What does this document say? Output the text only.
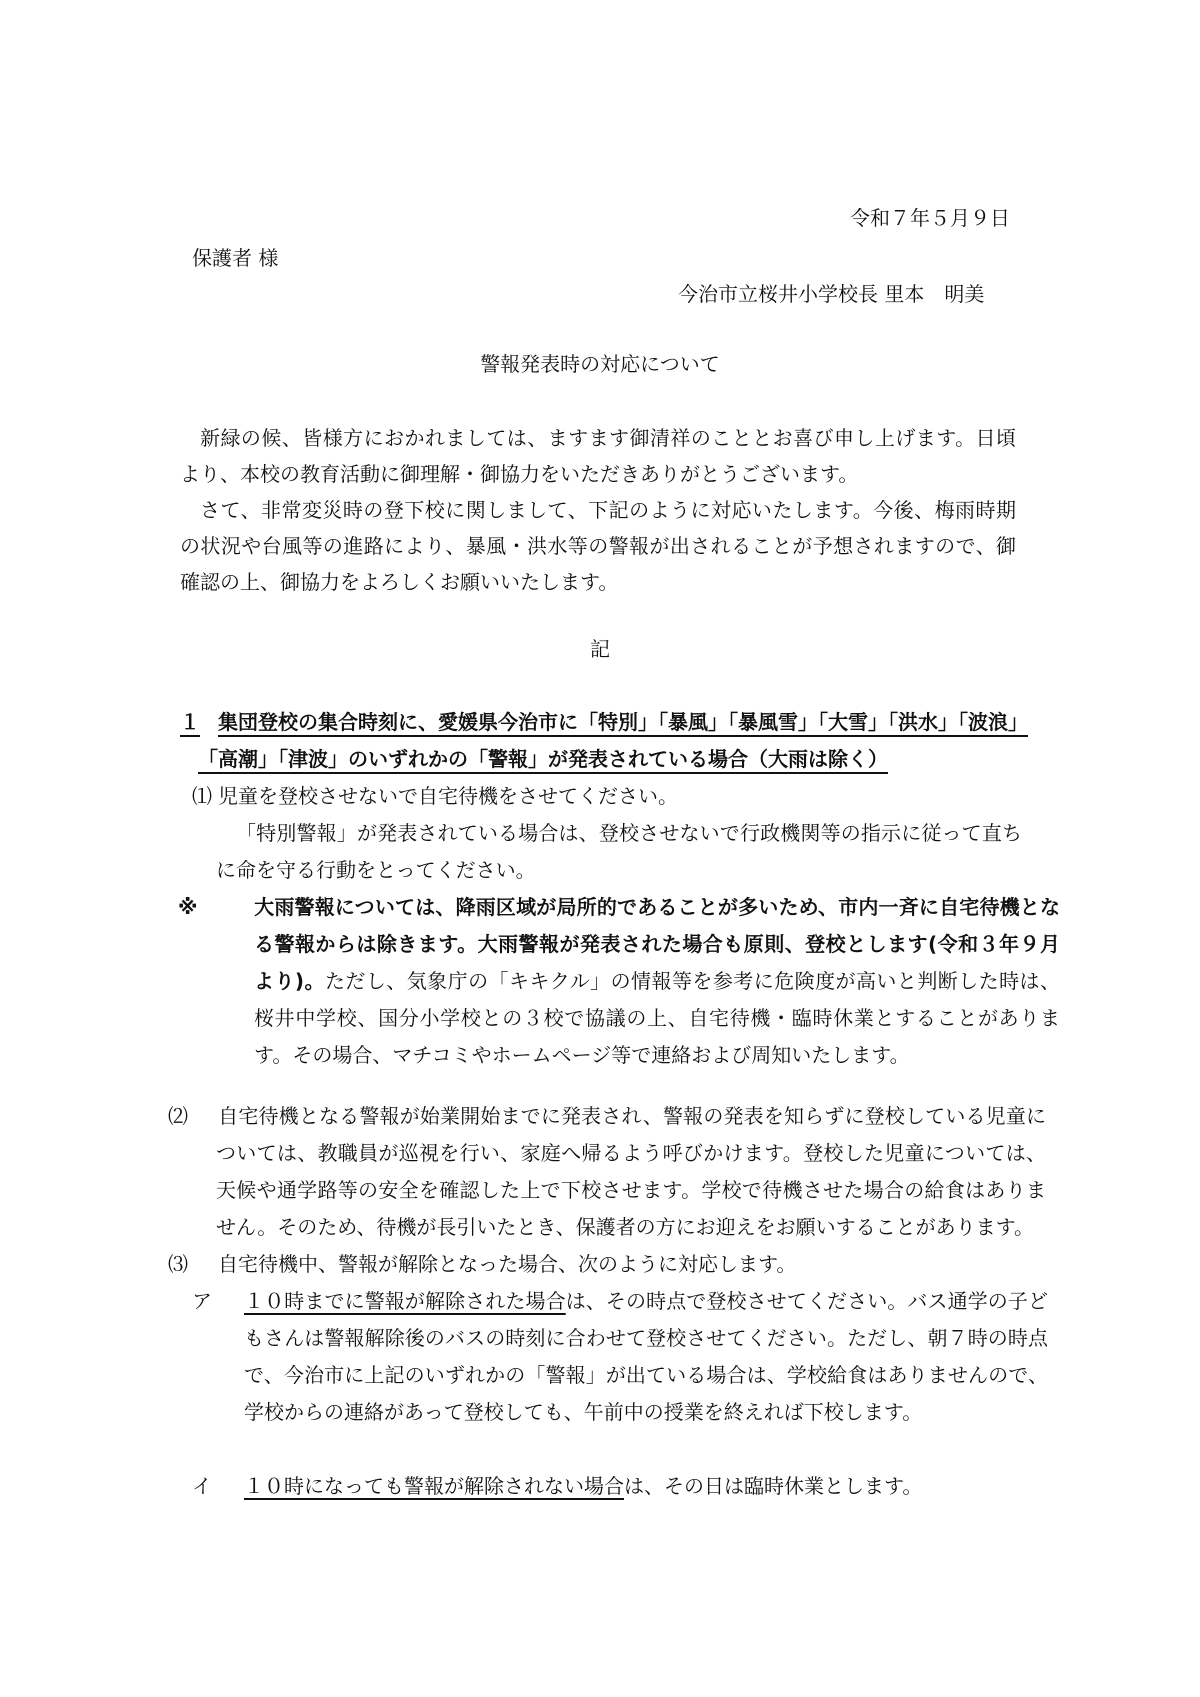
令和７年５月９日
保護者 様
今治市立桜井小学校長 里本　明美
警報発表時の対応について
新緑の候、皆様方におかれましては、ますます御清祥のこととお喜び申し上げます。日頃より、本校の教育活動に御理解・御協力をいただきありがとうございます。
さて、非常変災時の登下校に関しまして、下記のように対応いたします。今後、梅雨時期の状況や台風等の進路により、暴風・洪水等の警報が出されることが予想されますので、御確認の上、御協力をよろしくお願いいたします。
記
１ 集団登校の集合時刻に、愛媛県今治市に「特別」「暴風」「暴風雪」「大雪」「洪水」「波浪」「高潮」「津波」のいずれかの「警報」が発表されている場合（大雨は除く）
⑴ 児童を登校させないで自宅待機をさせてください。
「特別警報」が発表されている場合は、登校させないで行政機関等の指示に従って直ちに命を守る行動をとってください。
※	大雨警報については、降雨区域が局所的であることが多いため、市内一斉に自宅待機となる警報からは除きます。大雨警報が発表された場合も原則、登校とします(令和３年９月より)。ただし、気象庁の「キキクル」の情報等を参考に危険度が高いと判断した時は、桜井中学校、国分小学校との３校で協議の上、自宅待機・臨時休業とすることがあります。その場合、マチコミやホームページ等で連絡および周知いたします。
⑵ 自宅待機となる警報が始業開始までに発表され、警報の発表を知らずに登校している児童については、教職員が巡視を行い、家庭へ帰るよう呼びかけます。登校した児童については、天候や通学路等の安全を確認した上で下校させます。学校で待機させた場合の給食はありません。そのため、待機が長引いたとき、保護者の方にお迎えをお願いすることがあります。
⑶ 自宅待機中、警報が解除となった場合、次のように対応します。
ア １０時までに警報が解除された場合は、その時点で登校させてください。バス通学の子どもさんは警報解除後のバスの時刻に合わせて登校させてください。ただし、朝７時の時点で、今治市に上記のいずれかの「警報」が出ている場合は、学校給食はありませんので、学校からの連絡があって登校しても、午前中の授業を終えれば下校します。
イ １０時になっても警報が解除されない場合は、その日は臨時休業とします。
